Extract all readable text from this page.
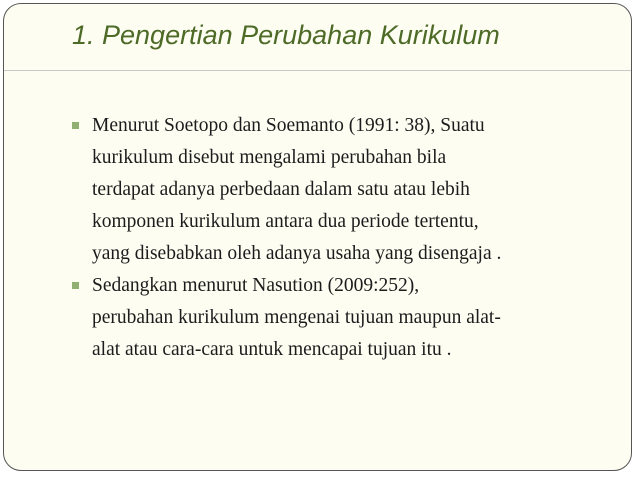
1. Pengertian Perubahan Kurikulum
Menurut Soetopo dan Soemanto (1991: 38), Suatu
kurikulum disebut mengalami perubahan bila
terdapat adanya perbedaan dalam satu atau lebih
komponen kurikulum antara dua periode tertentu,
yang disebabkan oleh adanya usaha yang disengaja .
Sedangkan menurut Nasution (2009:252),
perubahan kurikulum mengenai tujuan maupun alat-
alat atau cara-cara untuk mencapai tujuan itu .
